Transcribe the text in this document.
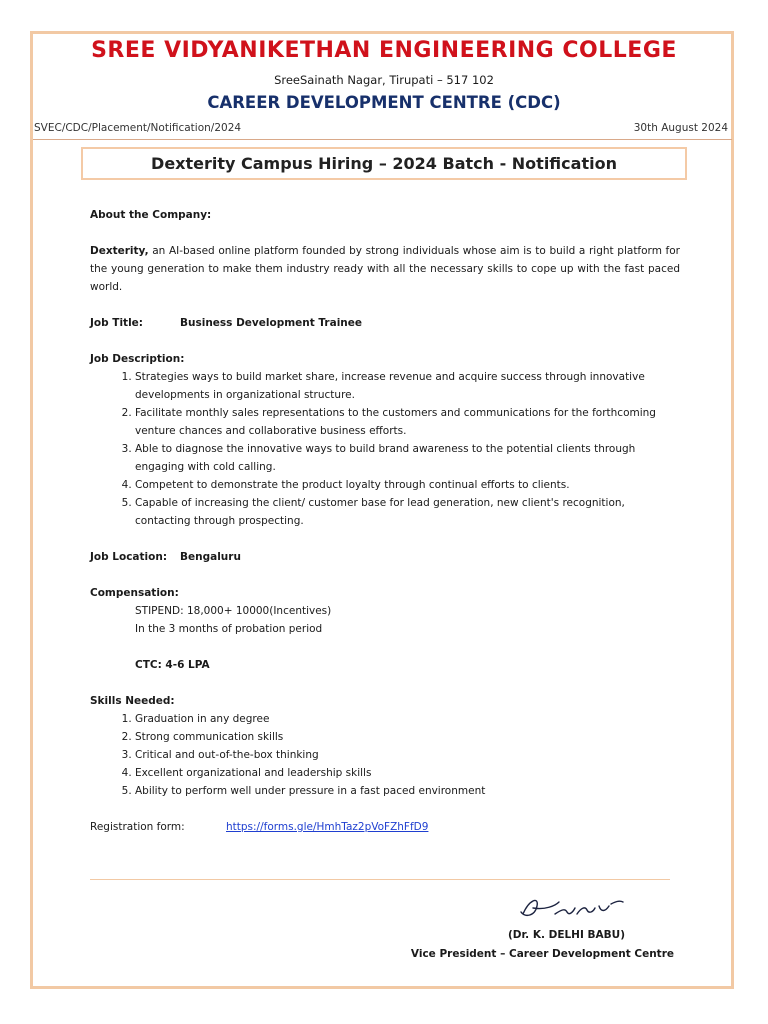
SREE VIDYANIKETHAN ENGINEERING COLLEGE
SreeSainath Nagar, Tirupati – 517 102
CAREER DEVELOPMENT CENTRE (CDC)
SVEC/CDC/Placement/Notification/2024	30th August 2024
Dexterity Campus Hiring – 2024 Batch - Notification

About the Company:

Dexterity, an AI-based online platform founded by strong individuals whose aim is to build a right platform for the young generation to make them industry ready with all the necessary skills to cope up with the fast paced world.

Job Title:	Business Development Trainee

Job Description:

1. Strategies ways to build market share, increase revenue and acquire success through innovative developments in organizational structure.
2. Facilitate monthly sales representations to the customers and communications for the forthcoming venture chances and collaborative business efforts.
3. Able to diagnose the innovative ways to build brand awareness to the potential clients through engaging with cold calling.
4. Competent to demonstrate the product loyalty through continual efforts to clients.
5. Capable of increasing the client/ customer base for lead generation, new client's recognition, contacting through prospecting.

Job Location: Bengaluru

Compensation:

STIPEND: 18,000+ 10000(Incentives)

In the 3 months of probation period

CTC: 4-6 LPA

Skills Needed:

1. Graduation in any degree
2. Strong communication skills
3. Critical and out-of-the-box thinking
4. Excellent organizational and leadership skills
5. Ability to perform well under pressure in a fast paced environment

Registration form:	https://forms.gle/HmhTaz2pVoFZhFfD9

(Dr. K. DELHI BABU)
Vice President – Career Development Centre
